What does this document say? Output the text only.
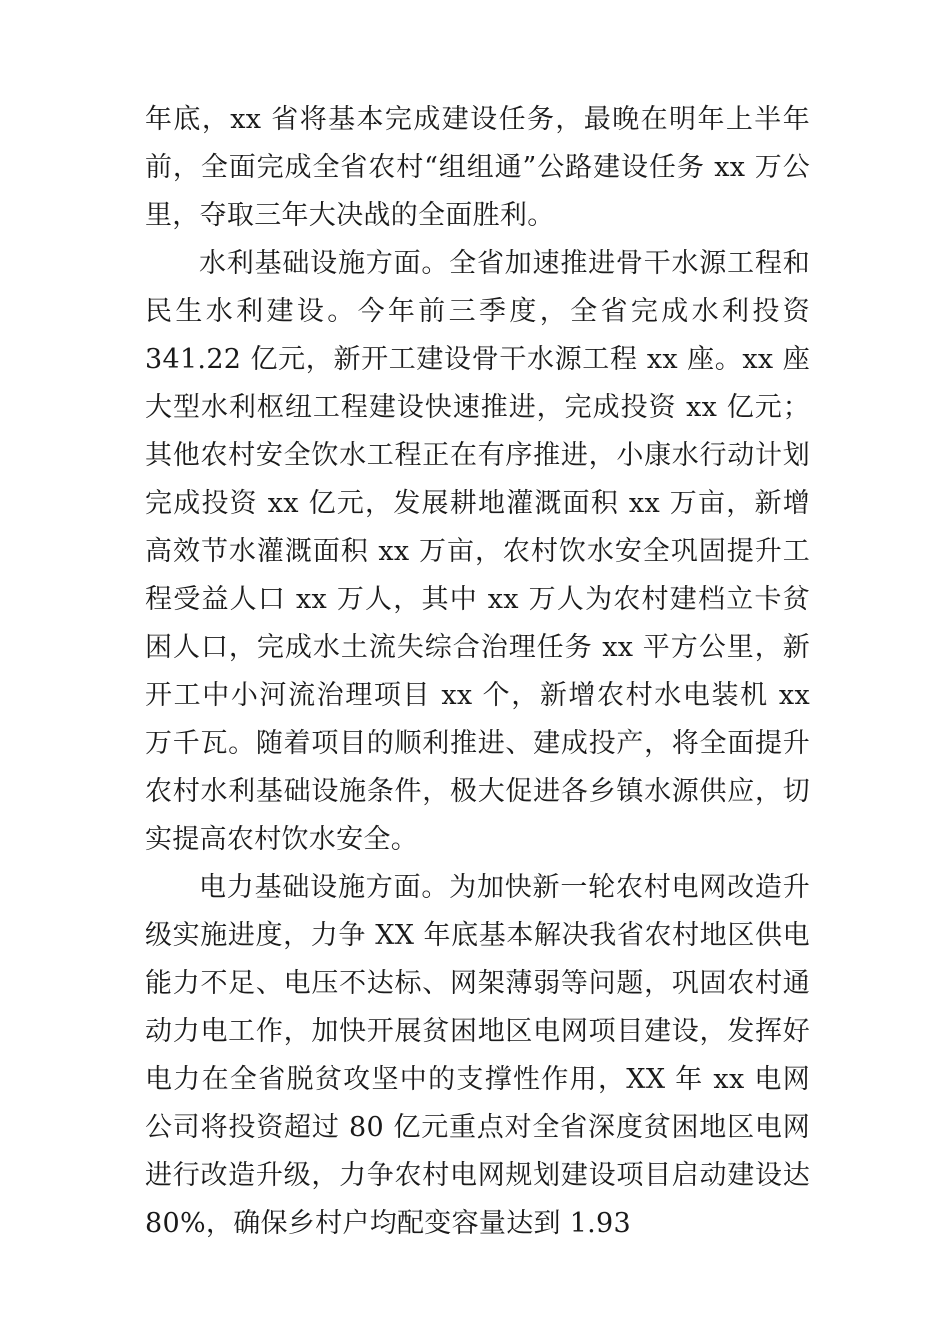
年底，xx 省将基本完成建设任务，最晚在明年上半年前，全面完成全省农村“组组通”公路建设任务 xx 万公里，夺取三年大决战的全面胜利。

水利基础设施方面。全省加速推进骨干水源工程和民生水利建设。今年前三季度，全省完成水利投资 341.22 亿元，新开工建设骨干水源工程 xx 座。xx 座大型水利枢纽工程建设快速推进，完成投资 xx 亿元；其他农村安全饮水工程正在有序推进，小康水行动计划完成投资 xx 亿元，发展耕地灌溉面积 xx 万亩，新增高效节水灌溉面积 xx 万亩，农村饮水安全巩固提升工程受益人口 xx 万人，其中 xx 万人为农村建档立卡贫困人口，完成水土流失综合治理任务 xx 平方公里，新开工中小河流治理项目 xx 个，新增农村水电装机 xx 万千瓦。随着项目的顺利推进、建成投产，将全面提升农村水利基础设施条件，极大促进各乡镇水源供应，切实提高农村饮水安全。

电力基础设施方面。为加快新一轮农村电网改造升级实施进度，力争 XX 年底基本解决我省农村地区供电能力不足、电压不达标、网架薄弱等问题，巩固农村通动力电工作，加快开展贫困地区电网项目建设，发挥好电力在全省脱贫攻坚中的支撑性作用，XX 年 xx 电网公司将投资超过 80 亿元重点对全省深度贫困地区电网进行改造升级，力争农村电网规划建设项目启动建设达 80%，确保乡村户均配变容量达到 1.93
